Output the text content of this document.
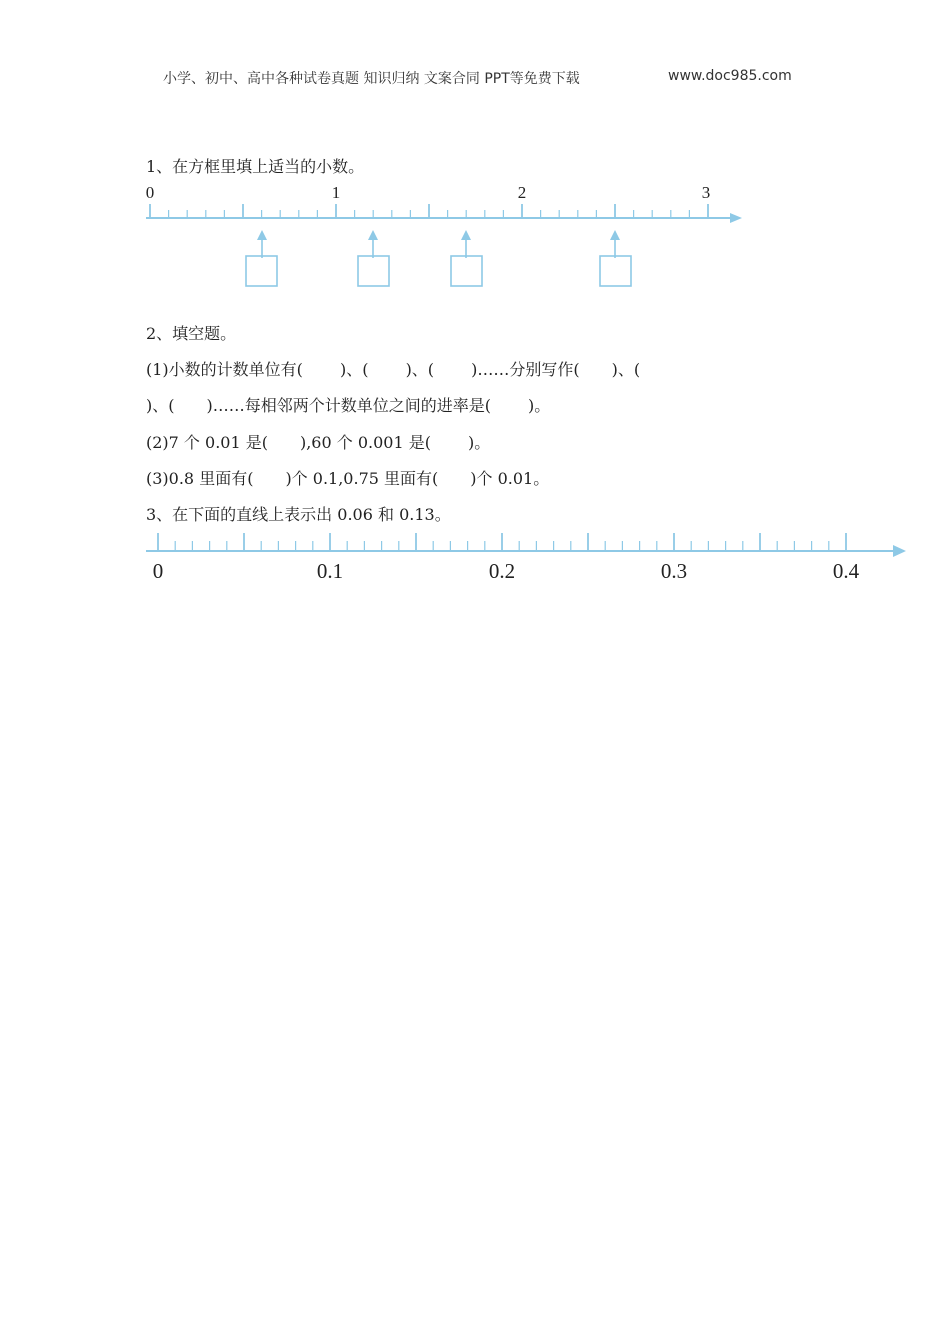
小学、初中、高中各种试卷真题 知识归纳 文案合同 PPT等免费下载	www.doc985.com
1、在方框里填上适当的小数。
0	1	2	3
2、填空题。
(1)小数的计数单位有(　　 )、(　　 )、(　　 )……分别写作(　　)、(
)、(　　)……每相邻两个计数单位之间的进率是(　　 )。
(2)7 个 0.01 是(　　),60 个 0.001 是(　　 )。
(3)0.8 里面有(　　)个 0.1,0.75 里面有(　　)个 0.01。
3、在下面的直线上表示出 0.06 和 0.13。
0	0.1	0.2	0.3	0.4
